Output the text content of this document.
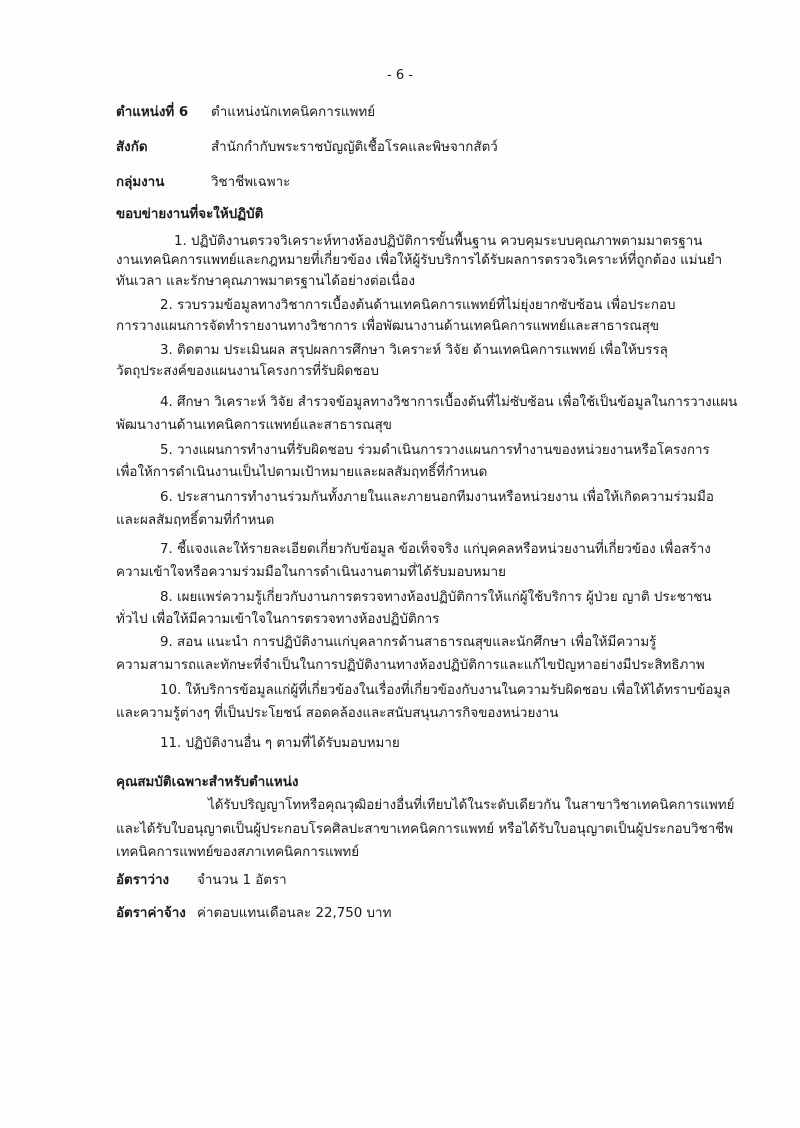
- 6 -
ตำแหน่งที่ 6 ตำแหน่งนักเทคนิคการแพทย์
สังกัด	สำนักกำกับพระราชบัญญัติเชื้อโรคและพิษจากสัตว์
กลุ่มงาน	วิชาชีพเฉพาะ
ขอบข่ายงานที่จะให้ปฏิบัติ
1. ปฏิบัติงานตรวจวิเคราะห์ทางห้องปฏิบัติการขั้นพื้นฐาน ควบคุมระบบคุณภาพตามมาตรฐาน
งานเทคนิคการแพทย์และกฎหมายที่เกี่ยวข้อง เพื่อให้ผู้รับบริการได้รับผลการตรวจวิเคราะห์ที่ถูกต้อง แม่นยำ
ทันเวลา และรักษาคุณภาพมาตรฐานได้อย่างต่อเนื่อง
2. รวบรวมข้อมูลทางวิชาการเบื้องต้นด้านเทคนิคการแพทย์ที่ไม่ยุ่งยากซับซ้อน เพื่อประกอบ
การวางแผนการจัดทำรายงานทางวิชาการ เพื่อพัฒนางานด้านเทคนิคการแพทย์และสาธารณสุข
3. ติดตาม ประเมินผล สรุปผลการศึกษา วิเคราะห์ วิจัย ด้านเทคนิคการแพทย์ เพื่อให้บรรลุ
วัตถุประสงค์ของแผนงานโครงการที่รับผิดชอบ
4. ศึกษา วิเคราะห์ วิจัย สำรวจข้อมูลทางวิชาการเบื้องต้นที่ไม่ซับซ้อน เพื่อใช้เป็นข้อมูลในการวางแผน
พัฒนางานด้านเทคนิคการแพทย์และสาธารณสุข
5. วางแผนการทำงานที่รับผิดชอบ ร่วมดำเนินการวางแผนการทำงานของหน่วยงานหรือโครงการ
เพื่อให้การดำเนินงานเป็นไปตามเป้าหมายและผลสัมฤทธิ์ที่กำหนด
6. ประสานการทำงานร่วมกันทั้งภายในและภายนอกทีมงานหรือหน่วยงาน เพื่อให้เกิดความร่วมมือ
และผลสัมฤทธิ์ตามที่กำหนด
7. ชี้แจงและให้รายละเอียดเกี่ยวกับข้อมูล ข้อเท็จจริง แก่บุคคลหรือหน่วยงานที่เกี่ยวข้อง เพื่อสร้าง
ความเข้าใจหรือความร่วมมือในการดำเนินงานตามที่ได้รับมอบหมาย
8. เผยแพร่ความรู้เกี่ยวกับงานการตรวจทางห้องปฏิบัติการให้แก่ผู้ใช้บริการ ผู้ป่วย ญาติ ประชาชน
ทั่วไป เพื่อให้มีความเข้าใจในการตรวจทางห้องปฏิบัติการ
9. สอน แนะนำ การปฏิบัติงานแก่บุคลากรด้านสาธารณสุขและนักศึกษา เพื่อให้มีความรู้
ความสามารถและทักษะที่จำเป็นในการปฏิบัติงานทางห้องปฏิบัติการและแก้ไขปัญหาอย่างมีประสิทธิภาพ
10. ให้บริการข้อมูลแก่ผู้ที่เกี่ยวข้องในเรื่องที่เกี่ยวข้องกับงานในความรับผิดชอบ เพื่อให้ได้ทราบข้อมูล
และความรู้ต่างๆ ที่เป็นประโยชน์ สอดคล้องและสนับสนุนภารกิจของหน่วยงาน
11. ปฏิบัติงานอื่น ๆ ตามที่ได้รับมอบหมาย
คุณสมบัติเฉพาะสำหรับตำแหน่ง
ได้รับปริญญาโทหรือคุณวุฒิอย่างอื่นที่เทียบได้ในระดับเดียวกัน ในสาขาวิชาเทคนิคการแพทย์
และได้รับใบอนุญาตเป็นผู้ประกอบโรคศิลปะสาขาเทคนิคการแพทย์ หรือได้รับใบอนุญาตเป็นผู้ประกอบวิชาชีพ
เทคนิคการแพทย์ของสภาเทคนิคการแพทย์
อัตราว่าง จำนวน 1 อัตรา
อัตราค่าจ้าง ค่าตอบแทนเดือนละ 22,750 บาท
